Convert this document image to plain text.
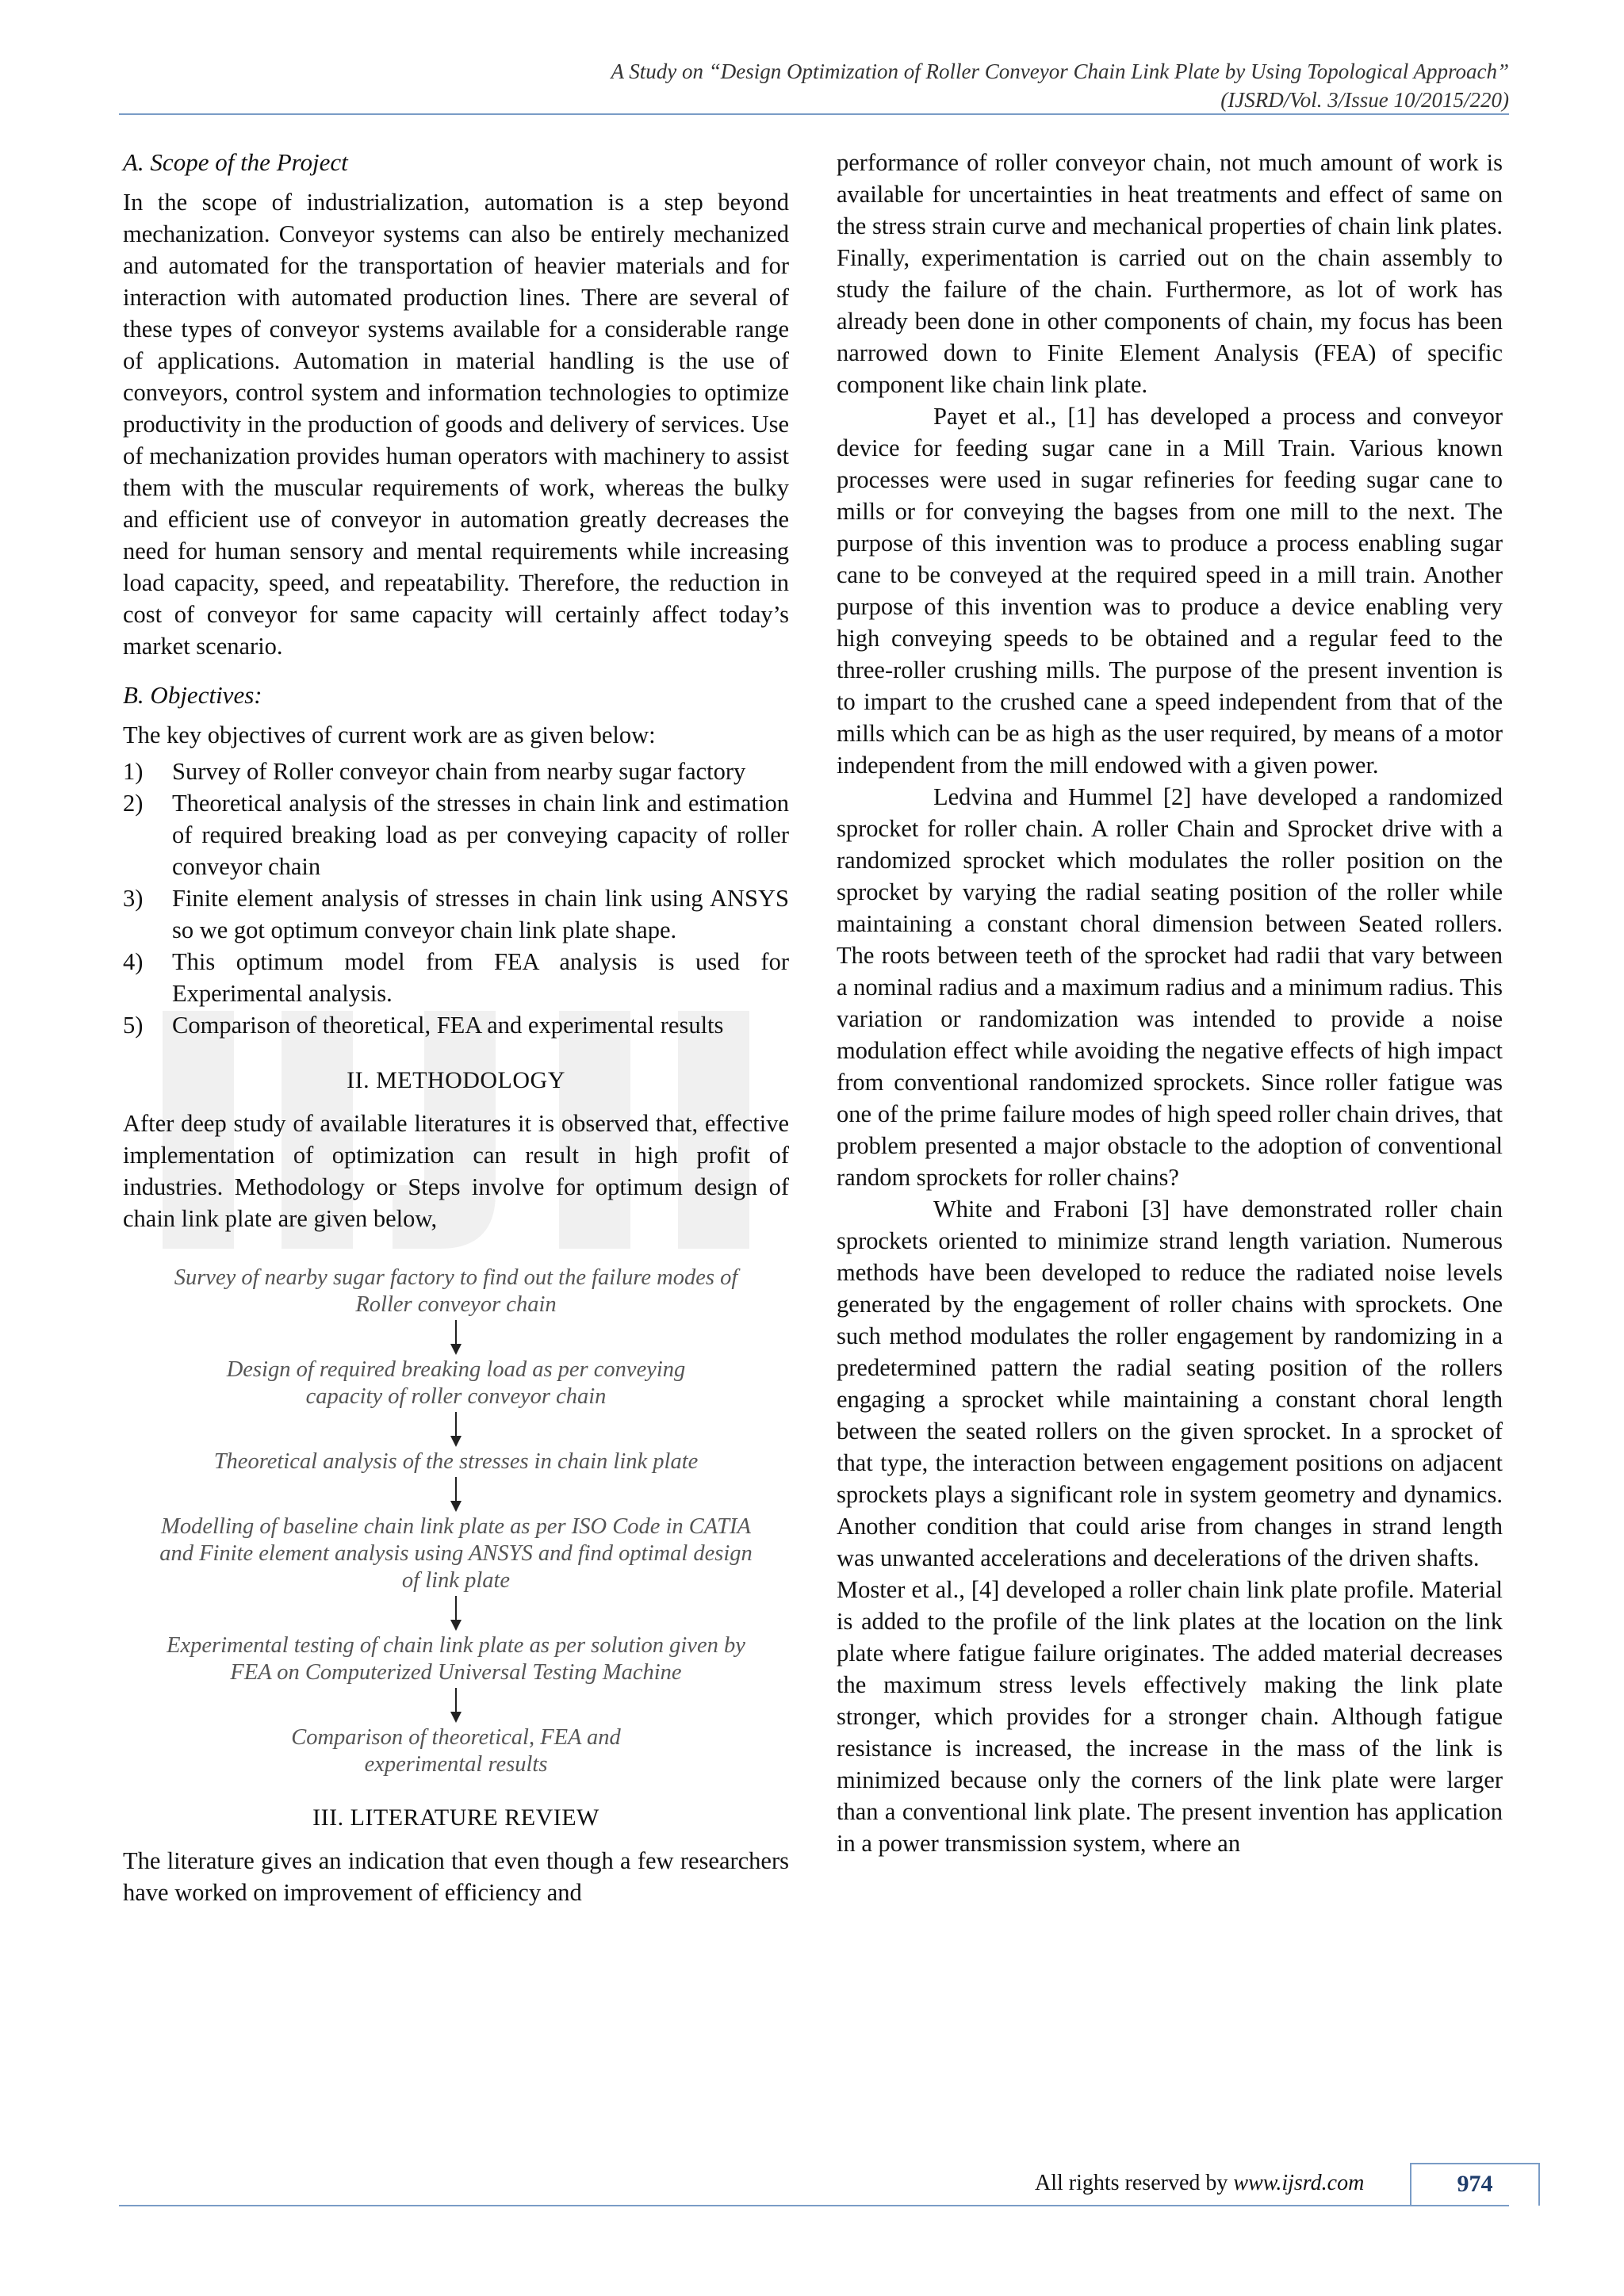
A Study on “Design Optimization of Roller Conveyor Chain Link Plate by Using Topological Approach”
(IJSRD/Vol. 3/Issue 10/2015/220)
A. Scope of the Project

In the scope of industrialization, automation is a step beyond mechanization. Conveyor systems can also be entirely mechanized and automated for the transportation of heavier materials and for interaction with automated production lines. There are several of these types of conveyor systems available for a considerable range of applications. Automation in material handling is the use of conveyors, control system and information technologies to optimize productivity in the production of goods and delivery of services. Use of mechanization provides human operators with machinery to assist them with the muscular requirements of work, whereas the bulky and efficient use of conveyor in automation greatly decreases the need for human sensory and mental requirements while increasing load capacity, speed, and repeatability. Therefore, the reduction in cost of conveyor for same capacity will certainly affect today’s market scenario.

B. Objectives:

The key objectives of current work are as given below:

1) Survey of Roller conveyor chain from nearby sugar factory
2) Theoretical analysis of the stresses in chain link and estimation of required breaking load as per conveying capacity of roller conveyor chain
3) Finite element analysis of stresses in chain link using ANSYS so we got optimum conveyor chain link plate shape.
4) This optimum model from FEA analysis is used for Experimental analysis.
5) Comparison of theoretical, FEA and experimental results
II. METHODOLOGY

After deep study of available literatures it is observed that, effective implementation of optimization can result in high profit of industries. Methodology or Steps involve for optimum design of chain link plate are given below,

Survey of nearby sugar factory to find out the failure modes of Roller conveyor chain
Design of required breaking load as per conveying capacity of roller conveyor chain
Theoretical analysis of the stresses in chain link plate
Modelling of baseline chain link plate as per ISO Code in CATIA and Finite element analysis using ANSYS and find optimal design of link plate
Experimental testing of chain link plate as per solution given by FEA on Computerized Universal Testing Machine
Comparison of theoretical, FEA and experimental results
III. LITERATURE REVIEW

The literature gives an indication that even though a few researchers have worked on improvement of efficiency and

performance of roller conveyor chain, not much amount of work is available for uncertainties in heat treatments and effect of same on the stress strain curve and mechanical properties of chain link plates. Finally, experimentation is carried out on the chain assembly to study the failure of the chain. Furthermore, as lot of work has already been done in other components of chain, my focus has been narrowed down to Finite Element Analysis (FEA) of specific component like chain link plate.

Payet et al., [1] has developed a process and conveyor device for feeding sugar cane in a Mill Train. Various known processes were used in sugar refineries for feeding sugar cane to mills or for conveying the bagses from one mill to the next. The purpose of this invention was to produce a process enabling sugar cane to be conveyed at the required speed in a mill train. Another purpose of this invention was to produce a device enabling very high conveying speeds to be obtained and a regular feed to the three-roller crushing mills. The purpose of the present invention is to impart to the crushed cane a speed independent from that of the mills which can be as high as the user required, by means of a motor independent from the mill endowed with a given power.

Ledvina and Hummel [2] have developed a randomized sprocket for roller chain. A roller Chain and Sprocket drive with a randomized sprocket which modulates the roller position on the sprocket by varying the radial seating position of the roller while maintaining a constant choral dimension between Seated rollers. The roots between teeth of the sprocket had radii that vary between a nominal radius and a maximum radius and a minimum radius. This variation or randomization was intended to provide a noise modulation effect while avoiding the negative effects of high impact from conventional randomized sprockets. Since roller fatigue was one of the prime failure modes of high speed roller chain drives, that problem presented a major obstacle to the adoption of conventional random sprockets for roller chains?

White and Fraboni [3] have demonstrated roller chain sprockets oriented to minimize strand length variation. Numerous methods have been developed to reduce the radiated noise levels generated by the engagement of roller chains with sprockets. One such method modulates the roller engagement by randomizing in a predetermined pattern the radial seating position of the rollers engaging a sprocket while maintaining a constant choral length between the seated rollers on the given sprocket. In a sprocket of that type, the interaction between engagement positions on adjacent sprockets plays a significant role in system geometry and dynamics. Another condition that could arise from changes in strand length was unwanted accelerations and decelerations of the driven shafts.

Moster et al., [4] developed a roller chain link plate profile. Material is added to the profile of the link plates at the location on the link plate where fatigue failure originates. The added material decreases the maximum stress levels effectively making the link plate stronger, which provides for a stronger chain. Although fatigue resistance is increased, the increase in the mass of the link is minimized because only the corners of the link plate were larger than a conventional link plate. The present invention has application in a power transmission system, where an

All rights reserved by www.ijsrd.com	974
